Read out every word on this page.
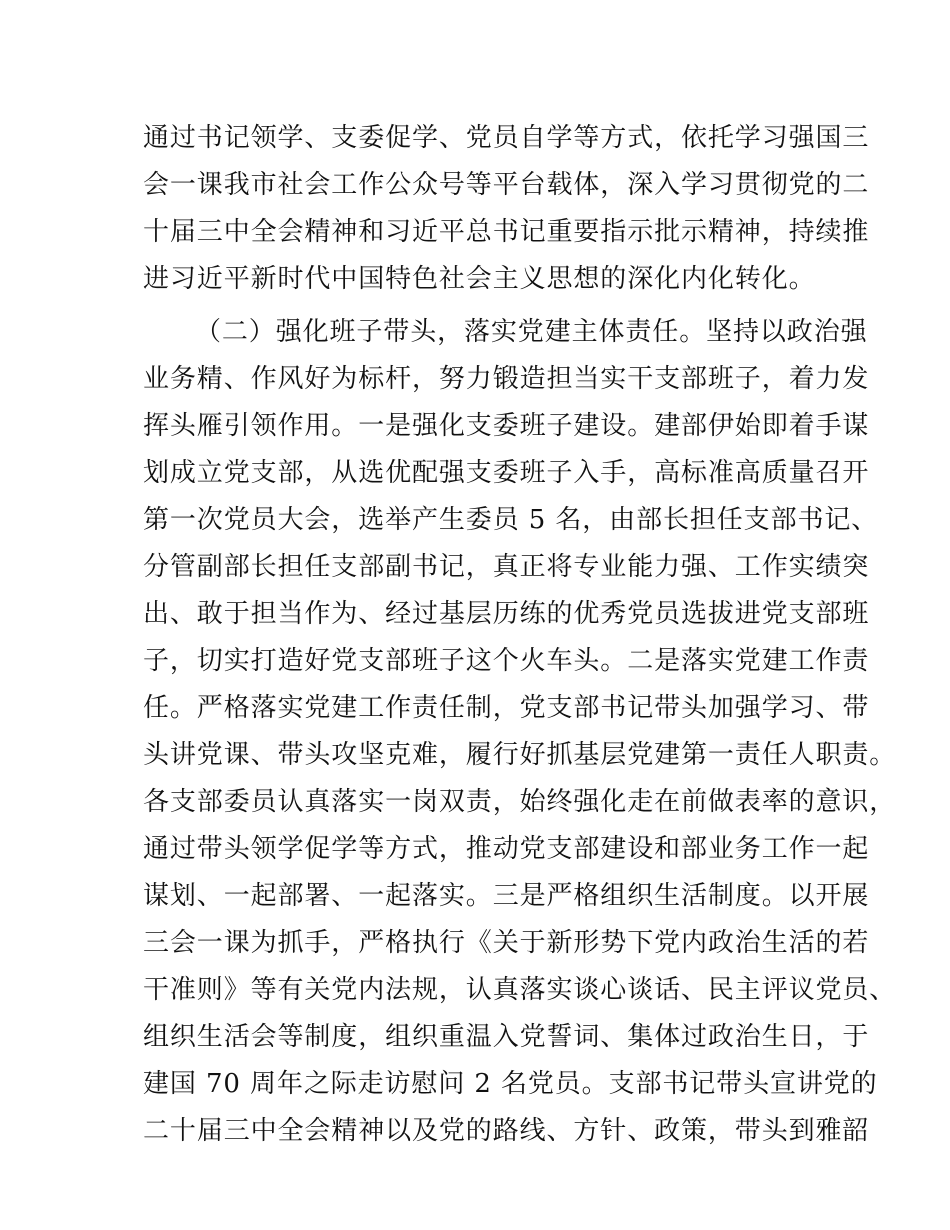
通过书记领学、支委促学、党员自学等方式，依托学习强国三
会一课我市社会工作公众号等平台载体，深入学习贯彻党的二
十届三中全会精神和习近平总书记重要指示批示精神，持续推
进习近平新时代中国特色社会主义思想的深化内化转化。
（二）强化班子带头，落实党建主体责任。坚持以政治强
业务精、作风好为标杆，努力锻造担当实干支部班子，着力发
挥头雁引领作用。一是强化支委班子建设。建部伊始即着手谋
划成立党支部，从选优配强支委班子入手，高标准高质量召开
第一次党员大会，选举产生委员 5 名，由部长担任支部书记、
分管副部长担任支部副书记，真正将专业能力强、工作实绩突
出、敢于担当作为、经过基层历练的优秀党员选拔进党支部班
子，切实打造好党支部班子这个火车头。二是落实党建工作责
任。严格落实党建工作责任制，党支部书记带头加强学习、带
头讲党课、带头攻坚克难，履行好抓基层党建第一责任人职责。
各支部委员认真落实一岗双责，始终强化走在前做表率的意识，
通过带头领学促学等方式，推动党支部建设和部业务工作一起
谋划、一起部署、一起落实。三是严格组织生活制度。以开展
三会一课为抓手，严格执行《关于新形势下党内政治生活的若
干准则》等有关党内法规，认真落实谈心谈话、民主评议党员、
组织生活会等制度，组织重温入党誓词、集体过政治生日，于
建国 70 周年之际走访慰问 2 名党员。支部书记带头宣讲党的
二十届三中全会精神以及党的路线、方针、政策，带头到雅韶
